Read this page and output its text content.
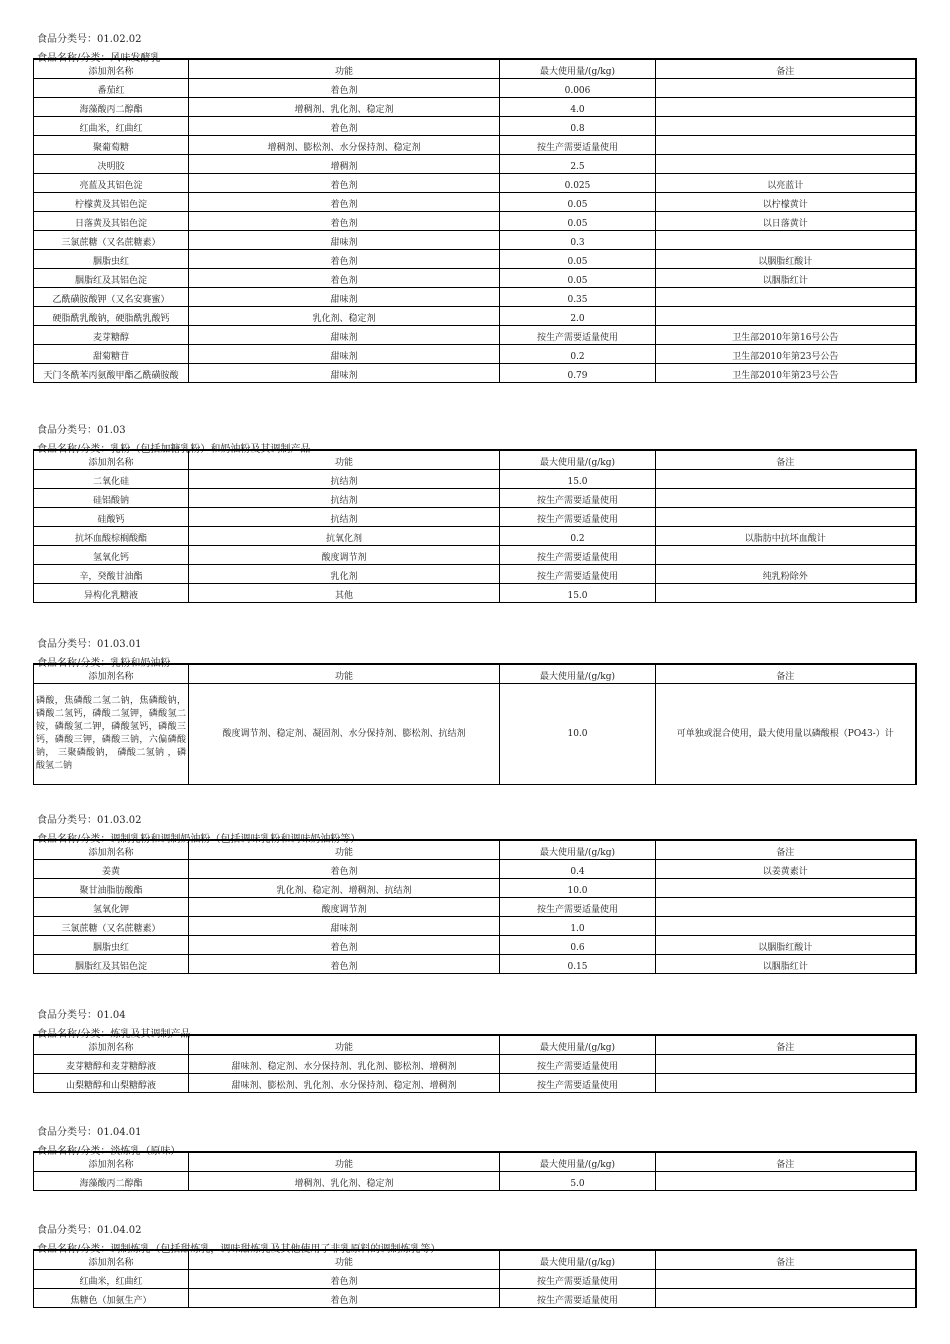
食品分类号：01.02.02
食品名称/分类：风味发酵乳
添加剂名称	功能	最大使用量/(g/kg)	备注
番茄红	着色剂	0.006	
海藻酸丙二醇酯	增稠剂、乳化剂、稳定剂	4.0	
红曲米，红曲红	着色剂	0.8	
聚葡萄糖	增稠剂、膨松剂、水分保持剂、稳定剂	按生产需要适量使用	
决明胶	增稠剂	2.5	
亮蓝及其铝色淀	着色剂	0.025	以亮蓝计
柠檬黄及其铝色淀	着色剂	0.05	以柠檬黄计
日落黄及其铝色淀	着色剂	0.05	以日落黄计
三氯蔗糖（又名蔗糖素）	甜味剂	0.3	
胭脂虫红	着色剂	0.05	以胭脂红酸计
胭脂红及其铝色淀	着色剂	0.05	以胭脂红计
乙酰磺胺酸钾（又名安赛蜜）	甜味剂	0.35	
硬脂酰乳酸钠，硬脂酰乳酸钙	乳化剂、稳定剂	2.0	
麦芽糖醇	甜味剂	按生产需要适量使用	卫生部2010年第16号公告
甜菊糖苷	甜味剂	0.2	卫生部2010年第23号公告
天门冬酰苯丙氨酸甲酯乙酰磺胺酸	甜味剂	0.79	卫生部2010年第23号公告
食品分类号：01.03
食品名称/分类：乳粉（包括加糖乳粉）和奶油粉及其调制产品
添加剂名称	功能	最大使用量/(g/kg)	备注
二氧化硅	抗结剂	15.0	
硅铝酸钠	抗结剂	按生产需要适量使用	
硅酸钙	抗结剂	按生产需要适量使用	
抗坏血酸棕榈酸酯	抗氧化剂	0.2	以脂肪中抗坏血酸计
氢氧化钙	酸度调节剂	按生产需要适量使用	
辛，癸酸甘油酯	乳化剂	按生产需要适量使用	纯乳粉除外
异构化乳糖液	其他	15.0	
食品分类号：01.03.01
食品名称/分类：乳粉和奶油粉
添加剂名称	功能	最大使用量/(g/kg)	备注
磷酸，焦磷酸二氢二钠，焦磷酸钠，磷酸二氢钙，磷酸二氢钾，磷酸氢二铵，磷酸氢二钾，磷酸氢钙，磷酸三钙，磷酸三钾，磷酸三钠，六偏磷酸钠， 三聚磷酸钠， 磷酸二氢钠 ，磷酸氢二钠	酸度调节剂、稳定剂、凝固剂、水分保持剂、膨松剂、抗结剂	10.0	可单独或混合使用，最大使用量以磷酸根（PO43-）计
食品分类号：01.03.02
食品名称/分类：调制乳粉和调制奶油粉（包括调味乳粉和调味奶油粉等）
添加剂名称	功能	最大使用量/(g/kg)	备注
姜黄	着色剂	0.4	以姜黄素计
聚甘油脂肪酸酯	乳化剂、稳定剂、增稠剂、抗结剂	10.0	
氢氧化钾	酸度调节剂	按生产需要适量使用	
三氯蔗糖（又名蔗糖素）	甜味剂	1.0	
胭脂虫红	着色剂	0.6	以胭脂红酸计
胭脂红及其铝色淀	着色剂	0.15	以胭脂红计
食品分类号：01.04
食品名称/分类：炼乳及其调制产品
添加剂名称	功能	最大使用量/(g/kg)	备注
麦芽糖醇和麦芽糖醇液	甜味剂、稳定剂、水分保持剂、乳化剂、膨松剂、增稠剂	按生产需要适量使用	
山梨糖醇和山梨糖醇液	甜味剂、膨松剂、乳化剂、水分保持剂、稳定剂、增稠剂	按生产需要适量使用	
食品分类号：01.04.01
食品名称/分类：淡炼乳（原味）
添加剂名称	功能	最大使用量/(g/kg)	备注
海藻酸丙二醇酯	增稠剂、乳化剂、稳定剂	5.0	
食品分类号：01.04.02
食品名称/分类：调制炼乳（包括甜炼乳，调味甜炼乳及其他使用了非乳原料的调制炼乳等）
添加剂名称	功能	最大使用量/(g/kg)	备注
红曲米，红曲红	着色剂	按生产需要适量使用	
焦糖色（加氨生产）	着色剂	按生产需要适量使用	
